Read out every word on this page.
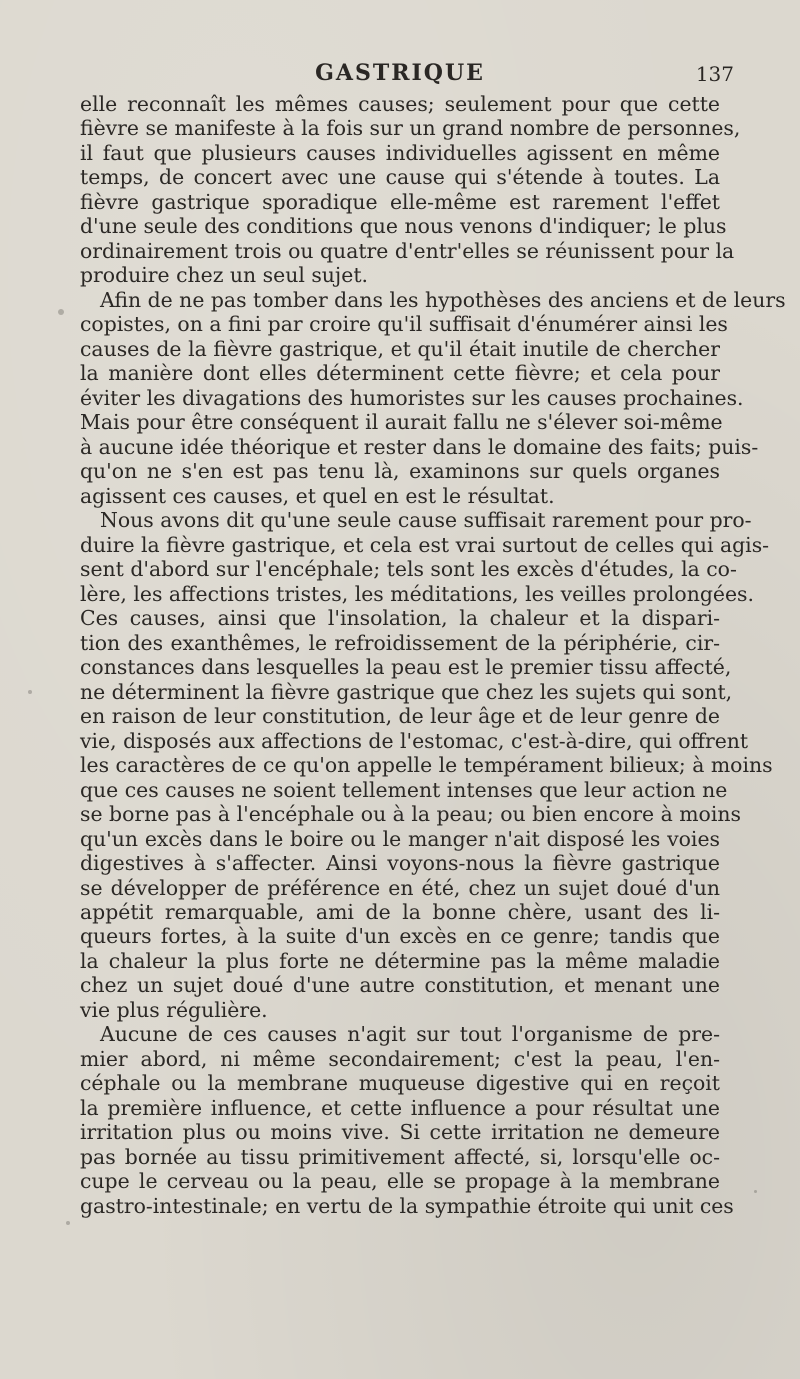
GASTRIQUE	137

elle reconnaît les mêmes causes; seulement pour que cette
fièvre se manifeste à la fois sur un grand nombre de personnes,
il faut que plusieurs causes individuelles agissent en même
temps, de concert avec une cause qui s'étende à toutes. La
fièvre gastrique sporadique elle-même est rarement l'effet
d'une seule des conditions que nous venons d'indiquer; le plus
ordinairement trois ou quatre d'entr'elles se réunissent pour la
produire chez un seul sujet.

Afin de ne pas tomber dans les hypothèses des anciens et de leurs
copistes, on a fini par croire qu'il suffisait d'énumérer ainsi les
causes de la fièvre gastrique, et qu'il était inutile de chercher
la manière dont elles déterminent cette fièvre; et cela pour
éviter les divagations des humoristes sur les causes prochaines.
Mais pour être conséquent il aurait fallu ne s'élever soi-même
à aucune idée théorique et rester dans le domaine des faits; puis-
qu'on ne s'en est pas tenu là, examinons sur quels organes
agissent ces causes, et quel en est le résultat.

Nous avons dit qu'une seule cause suffisait rarement pour pro-
duire la fièvre gastrique, et cela est vrai surtout de celles qui agis-
sent d'abord sur l'encéphale; tels sont les excès d'études, la co-
lère, les affections tristes, les méditations, les veilles prolongées.
Ces causes, ainsi que l'insolation, la chaleur et la dispari-
tion des exanthêmes, le refroidissement de la périphérie, cir-
constances dans lesquelles la peau est le premier tissu affecté,
ne déterminent la fièvre gastrique que chez les sujets qui sont,
en raison de leur constitution, de leur âge et de leur genre de
vie, disposés aux affections de l'estomac, c'est-à-dire, qui offrent
les caractères de ce qu'on appelle le tempérament bilieux; à moins
que ces causes ne soient tellement intenses que leur action ne
se borne pas à l'encéphale ou à la peau; ou bien encore à moins
qu'un excès dans le boire ou le manger n'ait disposé les voies
digestives à s'affecter. Ainsi voyons-nous la fièvre gastrique
se développer de préférence en été, chez un sujet doué d'un
appétit remarquable, ami de la bonne chère, usant des li-
queurs fortes, à la suite d'un excès en ce genre; tandis que
la chaleur la plus forte ne détermine pas la même maladie
chez un sujet doué d'une autre constitution, et menant une
vie plus régulière.

Aucune de ces causes n'agit sur tout l'organisme de pre-
mier abord, ni même secondairement; c'est la peau, l'en-
céphale ou la membrane muqueuse digestive qui en reçoit
la première influence, et cette influence a pour résultat une
irritation plus ou moins vive. Si cette irritation ne demeure
pas bornée au tissu primitivement affecté, si, lorsqu'elle oc-
cupe le cerveau ou la peau, elle se propage à la membrane
gastro-intestinale; en vertu de la sympathie étroite qui unit ces
